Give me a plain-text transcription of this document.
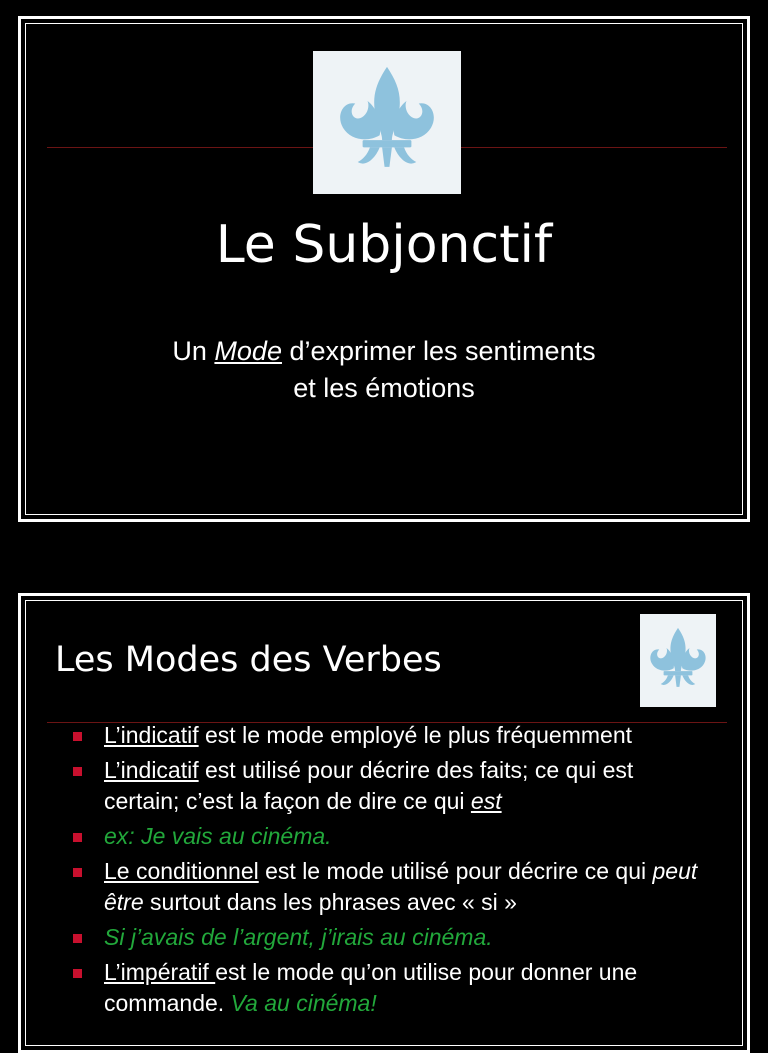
Le Subjonctif
Un Mode d’exprimer les sentiments
et les émotions
Les Modes des Verbes
L’indicatif est le mode employé le plus fréquemment
L’indicatif est utilisé pour décrire des faits; ce qui est certain; c’est la façon de dire ce qui est
ex: Je vais au cinéma.
Le conditionnel est le mode utilisé pour décrire ce qui peut être surtout dans les phrases avec « si »
Si j’avais de l’argent, j’irais au cinéma.
L’impératif est le mode qu’on utilise pour donner une commande. Va au cinéma!
